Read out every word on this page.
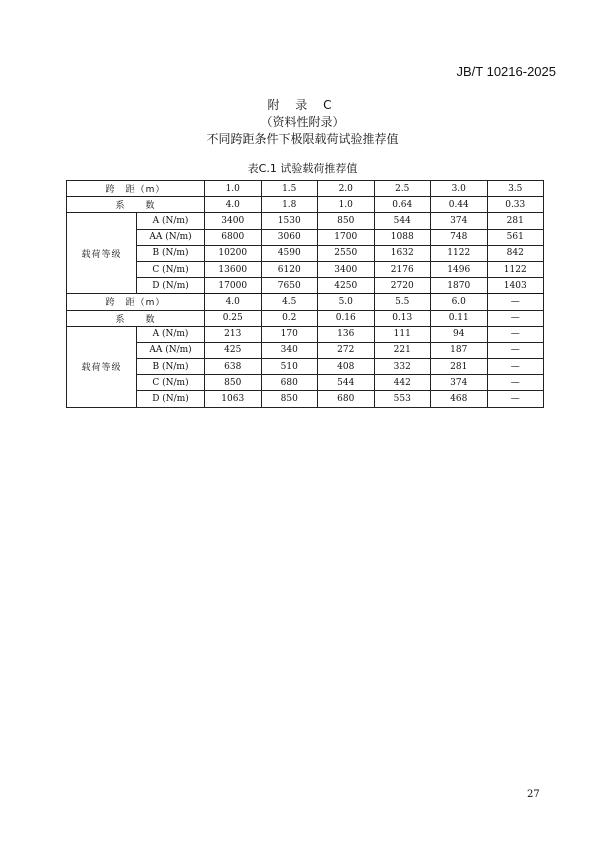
JB/T 10216-2025
附 录 C
（资料性附录）
不同跨距条件下极限载荷试验推荐值
表C.1 试验载荷推荐值
跨　距（m）		1.0	1.5	2.0	2.5	3.0	3.5
系　　数		4.0	1.8	1.0	0.64	0.44	0.33
载荷等级	A (N/m)	3400	1530	850	544	374	281
	AA (N/m)	6800	3060	1700	1088	748	561
	B (N/m)	10200	4590	2550	1632	1122	842
	C (N/m)	13600	6120	3400	2176	1496	1122
	D (N/m)	17000	7650	4250	2720	1870	1403
跨　距（m）		4.0	4.5	5.0	5.5	6.0	—
系　　数		0.25	0.2	0.16	0.13	0.11	—
载荷等级	A (N/m)	213	170	136	111	94	—
	AA (N/m)	425	340	272	221	187	—
	B (N/m)	638	510	408	332	281	—
	C (N/m)	850	680	544	442	374	—
	D (N/m)	1063	850	680	553	468	—
27
